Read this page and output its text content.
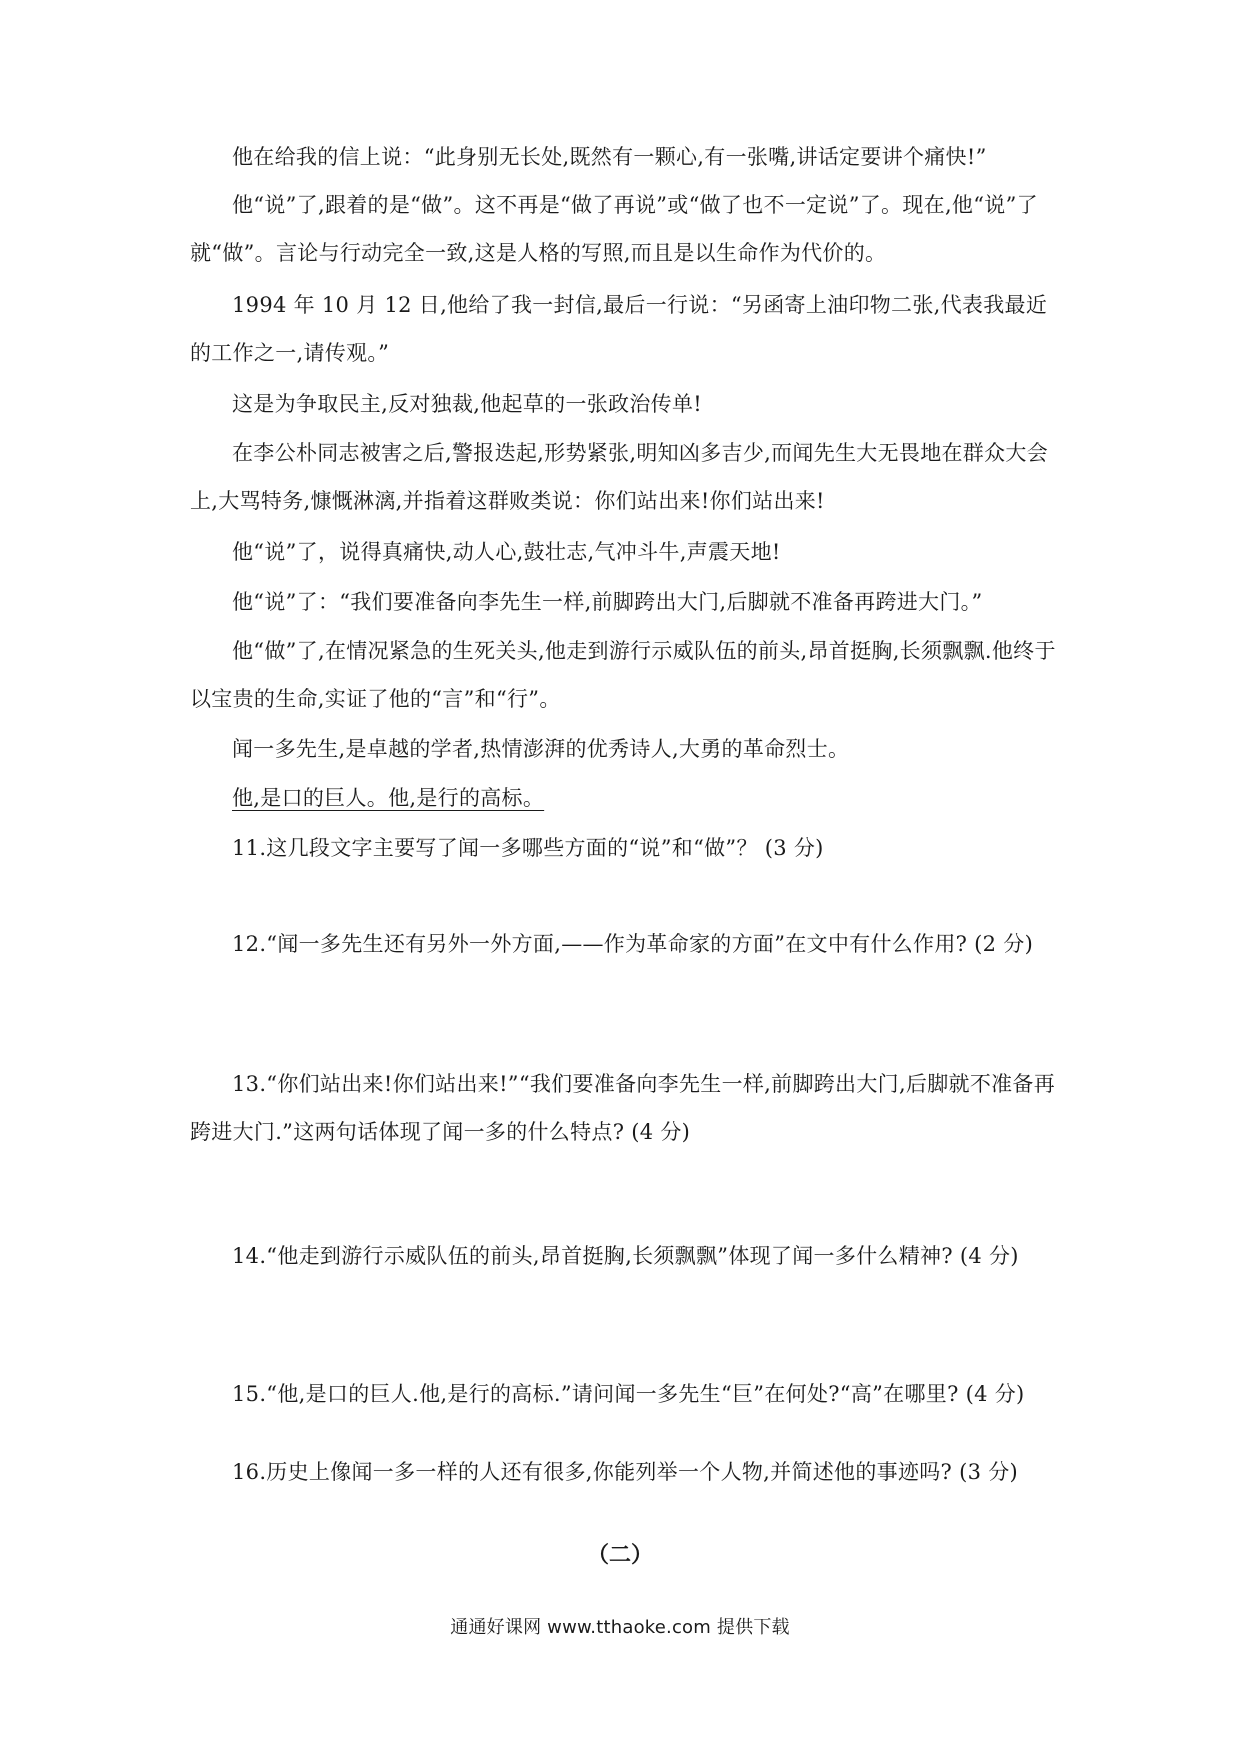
他在给我的信上说：“此身别无长处,既然有一颗心,有一张嘴,讲话定要讲个痛快!”

他“说”了,跟着的是“做”。这不再是“做了再说”或“做了也不一定说”了。现在,他“说”了就“做”。言论与行动完全一致,这是人格的写照,而且是以生命作为代价的。

1994 年 10 月 12 日,他给了我一封信,最后一行说：“另函寄上油印物二张,代表我最近的工作之一,请传观。”

这是为争取民主,反对独裁,他起草的一张政治传单!

在李公朴同志被害之后,警报迭起,形势紧张,明知凶多吉少,而闻先生大无畏地在群众大会上,大骂特务,慷慨淋漓,并指着这群败类说：你们站出来!你们站出来!

他“说”了，说得真痛快,动人心,鼓壮志,气冲斗牛,声震天地!

他“说”了：“我们要准备向李先生一样,前脚跨出大门,后脚就不准备再跨进大门。”

他“做”了,在情况紧急的生死关头,他走到游行示威队伍的前头,昂首挺胸,长须飘飘.他终于以宝贵的生命,实证了他的“言”和“行”。

闻一多先生,是卓越的学者,热情澎湃的优秀诗人,大勇的革命烈士。

他,是口的巨人。他,是行的高标。

11.这几段文字主要写了闻一多哪些方面的“说”和“做”？ (3 分)

12.“闻一多先生还有另外一外方面,——作为革命家的方面”在文中有什么作用? (2 分)

13.“你们站出来!你们站出来!”“我们要准备向李先生一样,前脚跨出大门,后脚就不准备再跨进大门.”这两句话体现了闻一多的什么特点? (4 分)

14.“他走到游行示威队伍的前头,昂首挺胸,长须飘飘”体现了闻一多什么精神? (4 分)

15.“他,是口的巨人.他,是行的高标.”请问闻一多先生“巨”在何处?“高”在哪里? (4 分)

16.历史上像闻一多一样的人还有很多,你能列举一个人物,并简述他的事迹吗? (3 分)

（二）
通通好课网 www.tthaoke.com 提供下载
